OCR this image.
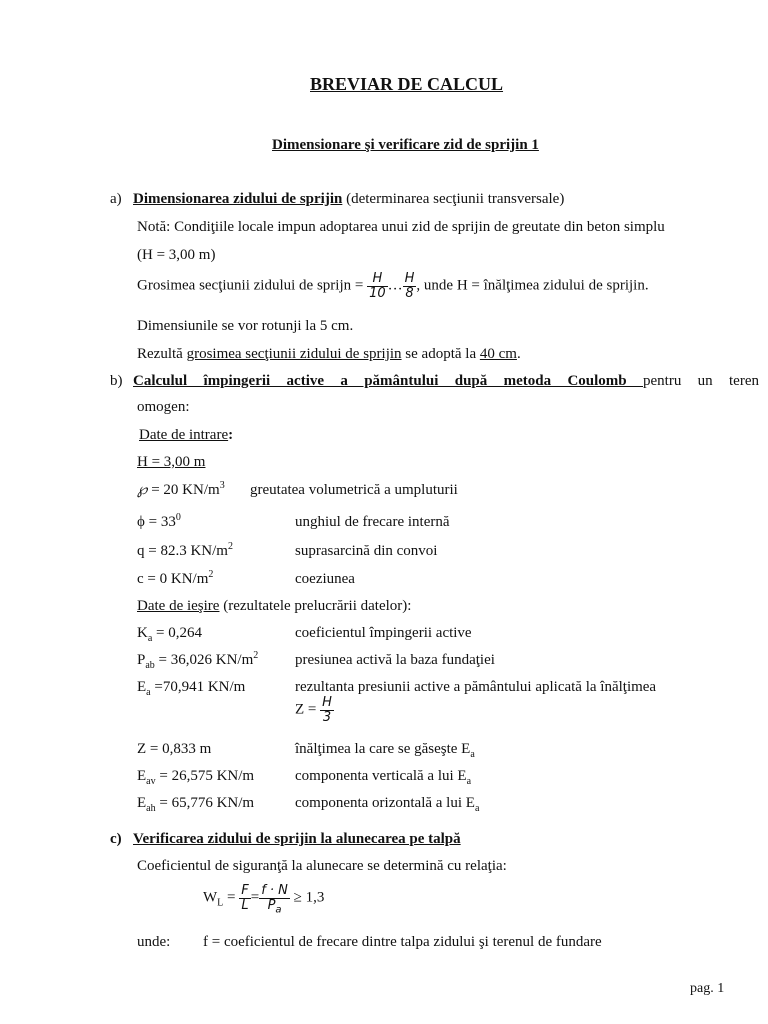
BREVIAR DE CALCUL
Dimensionare şi verificare zid de sprijin 1
a) Dimensionarea zidului de sprijin (determinarea secţiunii transversale)
Notă: Condiţiile locale impun adoptarea unui zid de sprijin de greutate din beton simplu
(H = 3,00 m)
Grosimea secţiunii zidului de sprijn = $\frac{H}{10}$ … $\frac{H}{8}$ , unde H = înălţimea zidului de sprijin.
Dimensiunile se vor rotunji la 5 cm.
Rezultă grosimea secţiunii zidului de sprijin se adoptă la 40 cm.
b) Calculul împingerii active a pământului după metoda Coulomb pentru un teren
omogen:
Date de intrare:
H = 3,00 m
℘ = 20 $KN/m^3$ greutatea volumetrică a umpluturii
$\phi = 33^0$	unghiul de frecare internă
q = 82.3 $KN/m^2$	suprasarcină din convoi
c = 0 $KN/m^2$	coeziunea
Date de ieşire (rezultatele prelucrării datelor):
$K_a = 0,264$	coeficientul împingerii active
$P_{ab} = 36,026$ $KN/m^2$ presiunea activă la baza fundaţiei
$E_a =70,941$ KN/m	rezultanta presiunii active a pământului aplicată la înălţimea
$Z = \frac{H}{3}$
Z = 0,833 m	înălţimea la care se găseşte $E_a$
$E_{av} = 26,575$ KN/m	componenta verticală a lui $E_a$
$E_{ah} = 65,776$ KN/m	componenta orizontală a lui $E_a$
c) Verificarea zidului de sprijin la alunecarea pe talpă
Coeficientul de siguranţă la alunecare se determină cu relaţia:
$W_L = \frac{F}{L} = \frac{f \cdot N}{P_a} \ge 1,3$
unde: f = coeficientul de frecare dintre talpa zidului şi terenul de fundare
pag. 1
